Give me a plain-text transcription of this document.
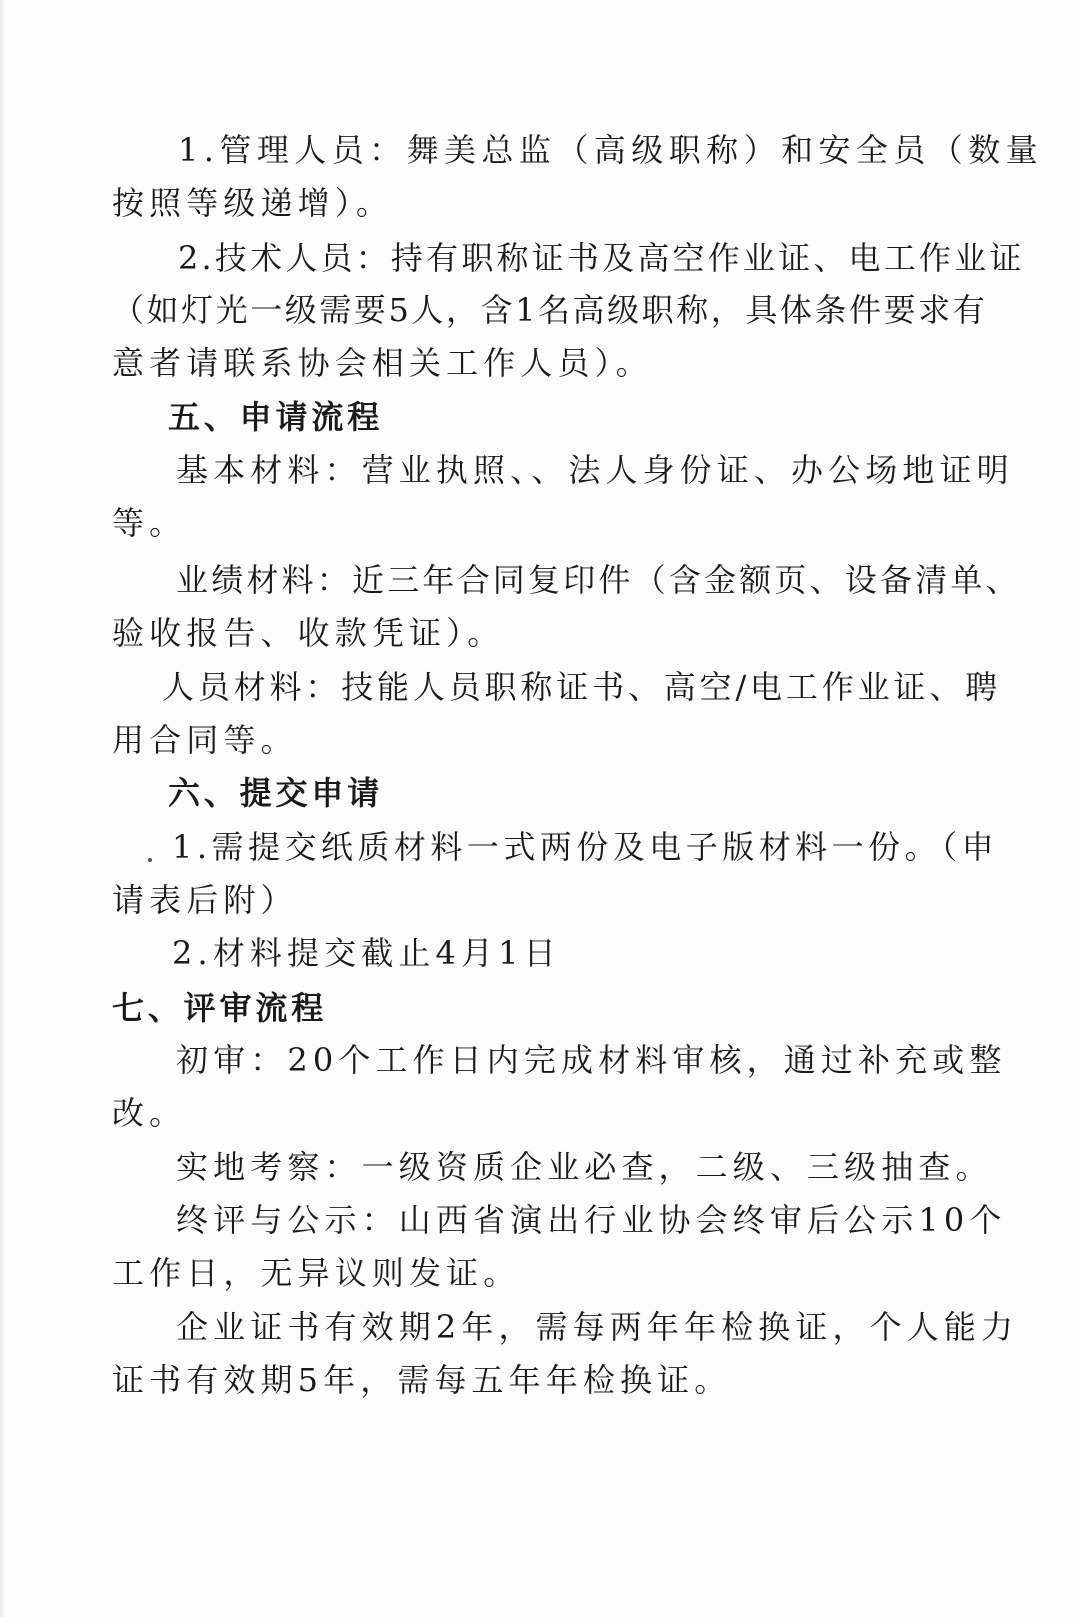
1.管理人员：舞美总监（高级职称）和安全员（数量
按照等级递增）。
2.技术人员：持有职称证书及高空作业证、电工作业证
（如灯光一级需要5人，含1名高级职称，具体条件要求有
意者请联系协会相关工作人员）。
五、申请流程
基本材料：营业执照、、法人身份证、办公场地证明
等。
业绩材料：近三年合同复印件（含金额页、设备清单、
验收报告、收款凭证）。
人员材料：技能人员职称证书、高空/电工作业证、聘
用合同等。
六、提交申请
1.需提交纸质材料一式两份及电子版材料一份。（申
请表后附）
2.材料提交截止4月1日
七、评审流程
初审：20个工作日内完成材料审核，通过补充或整
改。
实地考察：一级资质企业必查，二级、三级抽查。
终评与公示：山西省演出行业协会终审后公示10个
工作日，无异议则发证。
企业证书有效期2年，需每两年年检换证，个人能力
证书有效期5年，需每五年年检换证。
